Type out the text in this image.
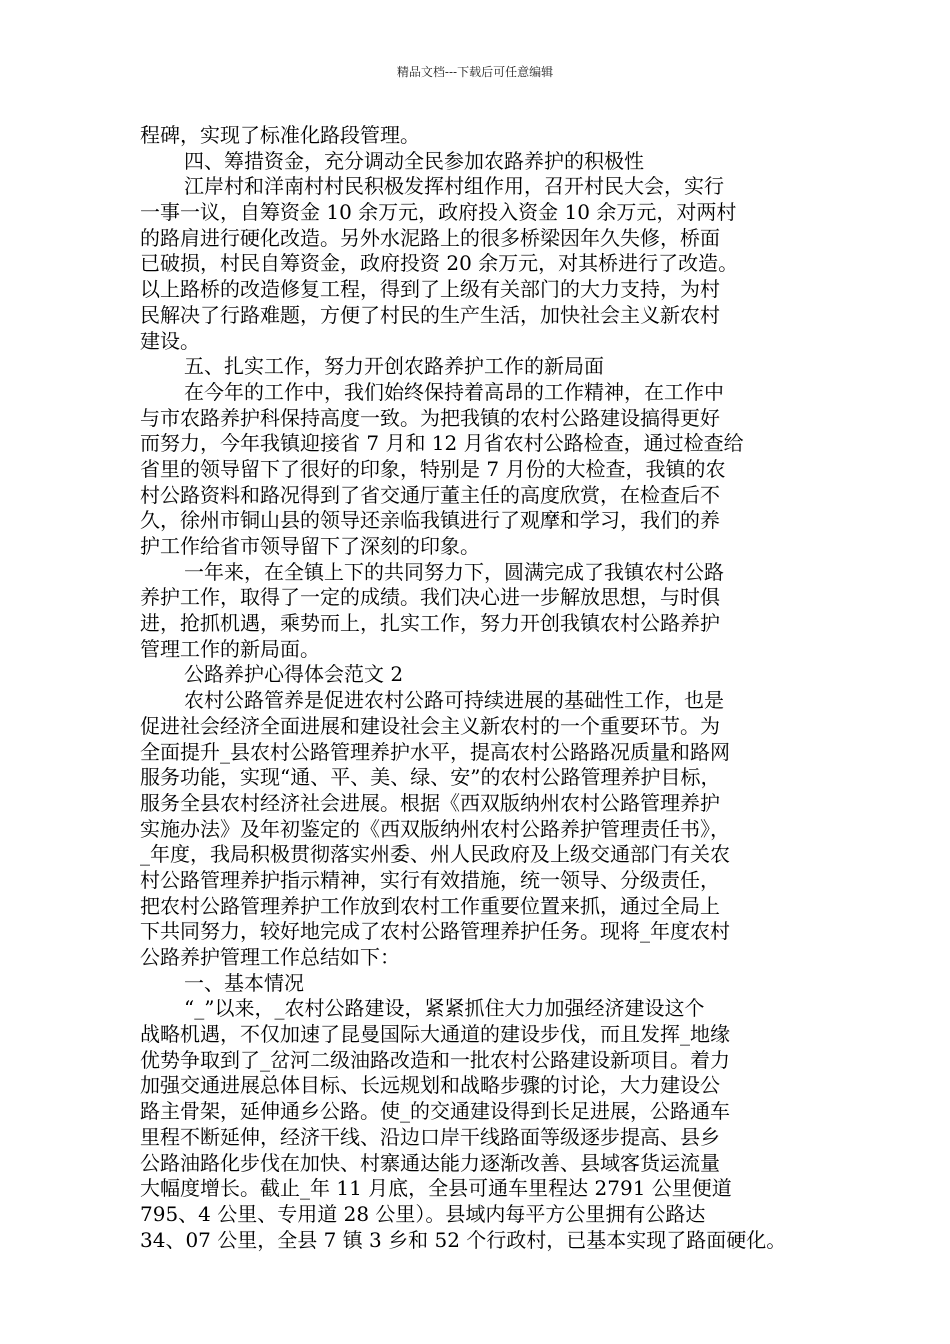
精品文档---下载后可任意编辑
程碑，实现了标准化路段管理。
四、筹措资金，充分调动全民参加农路养护的积极性
江岸村和洋南村村民积极发挥村组作用，召开村民大会，实行
一事一议，自筹资金 10 余万元，政府投入资金 10 余万元，对两村
的路肩进行硬化改造。另外水泥路上的很多桥梁因年久失修，桥面
已破损，村民自筹资金，政府投资 20 余万元，对其桥进行了改造。
以上路桥的改造修复工程，得到了上级有关部门的大力支持，为村
民解决了行路难题，方便了村民的生产生活，加快社会主义新农村
建设。
五、扎实工作，努力开创农路养护工作的新局面
在今年的工作中，我们始终保持着高昂的工作精神，在工作中
与市农路养护科保持高度一致。为把我镇的农村公路建设搞得更好
而努力，今年我镇迎接省 7 月和 12 月省农村公路检查，通过检查给
省里的领导留下了很好的印象，特别是 7 月份的大检查，我镇的农
村公路资料和路况得到了省交通厅董主任的高度欣赏，在检查后不
久，徐州市铜山县的领导还亲临我镇进行了观摩和学习，我们的养
护工作给省市领导留下了深刻的印象。
一年来，在全镇上下的共同努力下，圆满完成了我镇农村公路
养护工作，取得了一定的成绩。我们决心进一步解放思想，与时俱
进，抢抓机遇，乘势而上，扎实工作，努力开创我镇农村公路养护
管理工作的新局面。
公路养护心得体会范文 2
农村公路管养是促进农村公路可持续进展的基础性工作，也是
促进社会经济全面进展和建设社会主义新农村的一个重要环节。为
全面提升_县农村公路管理养护水平，提高农村公路路况质量和路网
服务功能，实现“通、平、美、绿、安”的农村公路管理养护目标，
服务全县农村经济社会进展。根据《西双版纳州农村公路管理养护
实施办法》及年初鉴定的《西双版纳州农村公路养护管理责任书》，
_年度，我局积极贯彻落实州委、州人民政府及上级交通部门有关农
村公路管理养护指示精神，实行有效措施，统一领导、分级责任，
把农村公路管理养护工作放到农村工作重要位置来抓，通过全局上
下共同努力，较好地完成了农村公路管理养护任务。现将_年度农村
公路养护管理工作总结如下：
一、基本情况
“_”以来，_农村公路建设，紧紧抓住大力加强经济建设这个
战略机遇，不仅加速了昆曼国际大通道的建设步伐，而且发挥_地缘
优势争取到了_岔河二级油路改造和一批农村公路建设新项目。着力
加强交通进展总体目标、长远规划和战略步骤的讨论，大力建设公
路主骨架，延伸通乡公路。使_的交通建设得到长足进展，公路通车
里程不断延伸，经济干线、沿边口岸干线路面等级逐步提高、县乡
公路油路化步伐在加快、村寨通达能力逐渐改善、县域客货运流量
大幅度增长。截止_年 11 月底，全县可通车里程达 2791 公里便道
795、4 公里、专用道 28 公里）。县域内每平方公里拥有公路达
34、07 公里，全县 7 镇 3 乡和 52 个行政村，已基本实现了路面硬化。
